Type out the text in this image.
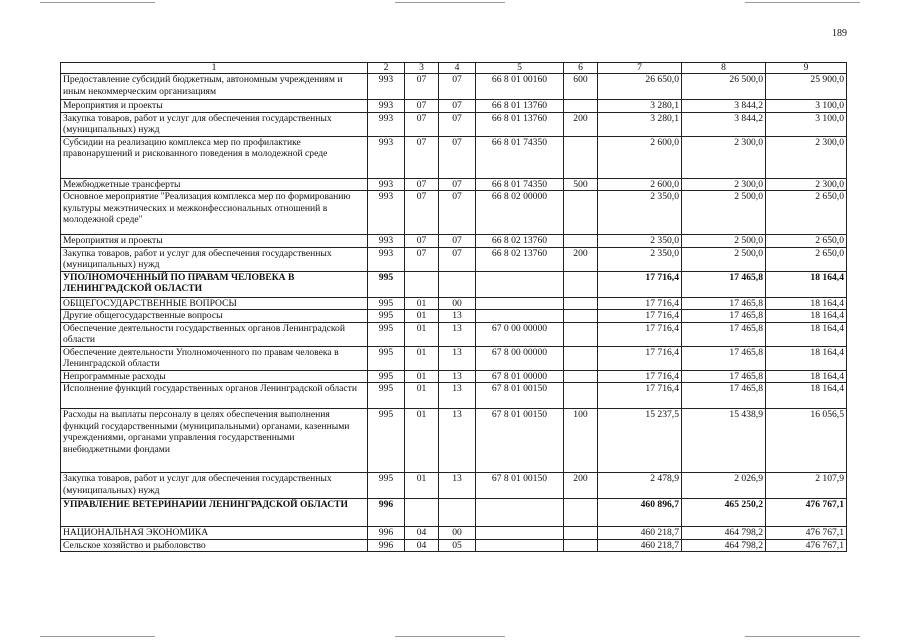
189
1	2	3	4	5	6	7	8	9
Предоставление субсидий бюджетным, автономным учреждениям и иным некоммерческим организациям	993	07	07	66 8 01 00160	600	26 650,0	26 500,0	25 900,0
Мероприятия и проекты	993	07	07	66 8 01 13760		3 280,1	3 844,2	3 100,0
Закупка товаров, работ и услуг для обеспечения государственных (муниципальных) нужд	993	07	07	66 8 01 13760	200	3 280,1	3 844,2	3 100,0
Субсидии на реализацию комплекса мер по профилактике правонарушений и рискованного поведения в молодежной среде	993	07	07	66 8 01 74350		2 600,0	2 300,0	2 300,0
Межбюджетные трансферты	993	07	07	66 8 01 74350	500	2 600,0	2 300,0	2 300,0
Основное мероприятие "Реализация комплекса мер по формированию культуры межэтнических и межконфессиональных отношений в молодежной среде"	993	07	07	66 8 02 00000		2 350,0	2 500,0	2 650,0
Мероприятия и проекты	993	07	07	66 8 02 13760		2 350,0	2 500,0	2 650,0
Закупка товаров, работ и услуг для обеспечения государственных (муниципальных) нужд	993	07	07	66 8 02 13760	200	2 350,0	2 500,0	2 650,0
УПОЛНОМОЧЕННЫЙ ПО ПРАВАМ ЧЕЛОВЕКА В ЛЕНИНГРАДСКОЙ ОБЛАСТИ	995					17 716,4	17 465,8	18 164,4
ОБЩЕГОСУДАРСТВЕННЫЕ ВОПРОСЫ	995	01	00			17 716,4	17 465,8	18 164,4
Другие общегосударственные вопросы	995	01	13			17 716,4	17 465,8	18 164,4
Обеспечение деятельности государственных органов Ленинградской области	995	01	13	67 0 00 00000		17 716,4	17 465,8	18 164,4
Обеспечение деятельности Уполномоченного по правам человека в Ленинградской области	995	01	13	67 8 00 00000		17 716,4	17 465,8	18 164,4
Непрограммные расходы	995	01	13	67 8 01 00000		17 716,4	17 465,8	18 164,4
Исполнение функций государственных органов Ленинградской области	995	01	13	67 8 01 00150		17 716,4	17 465,8	18 164,4
Расходы на выплаты персоналу в целях обеспечения выполнения функций государственными (муниципальными) органами, казенными учреждениями, органами управления государственными внебюджетными фондами	995	01	13	67 8 01 00150	100	15 237,5	15 438,9	16 056,5
Закупка товаров, работ и услуг для обеспечения государственных (муниципальных) нужд	995	01	13	67 8 01 00150	200	2 478,9	2 026,9	2 107,9
УПРАВЛЕНИЕ ВЕТЕРИНАРИИ ЛЕНИНГРАДСКОЙ ОБЛАСТИ	996					460 896,7	465 250,2	476 767,1
НАЦИОНАЛЬНАЯ ЭКОНОМИКА	996	04	00			460 218,7	464 798,2	476 767,1
Сельское хозяйство и рыболовство	996	04	05			460 218,7	464 798,2	476 767,1
